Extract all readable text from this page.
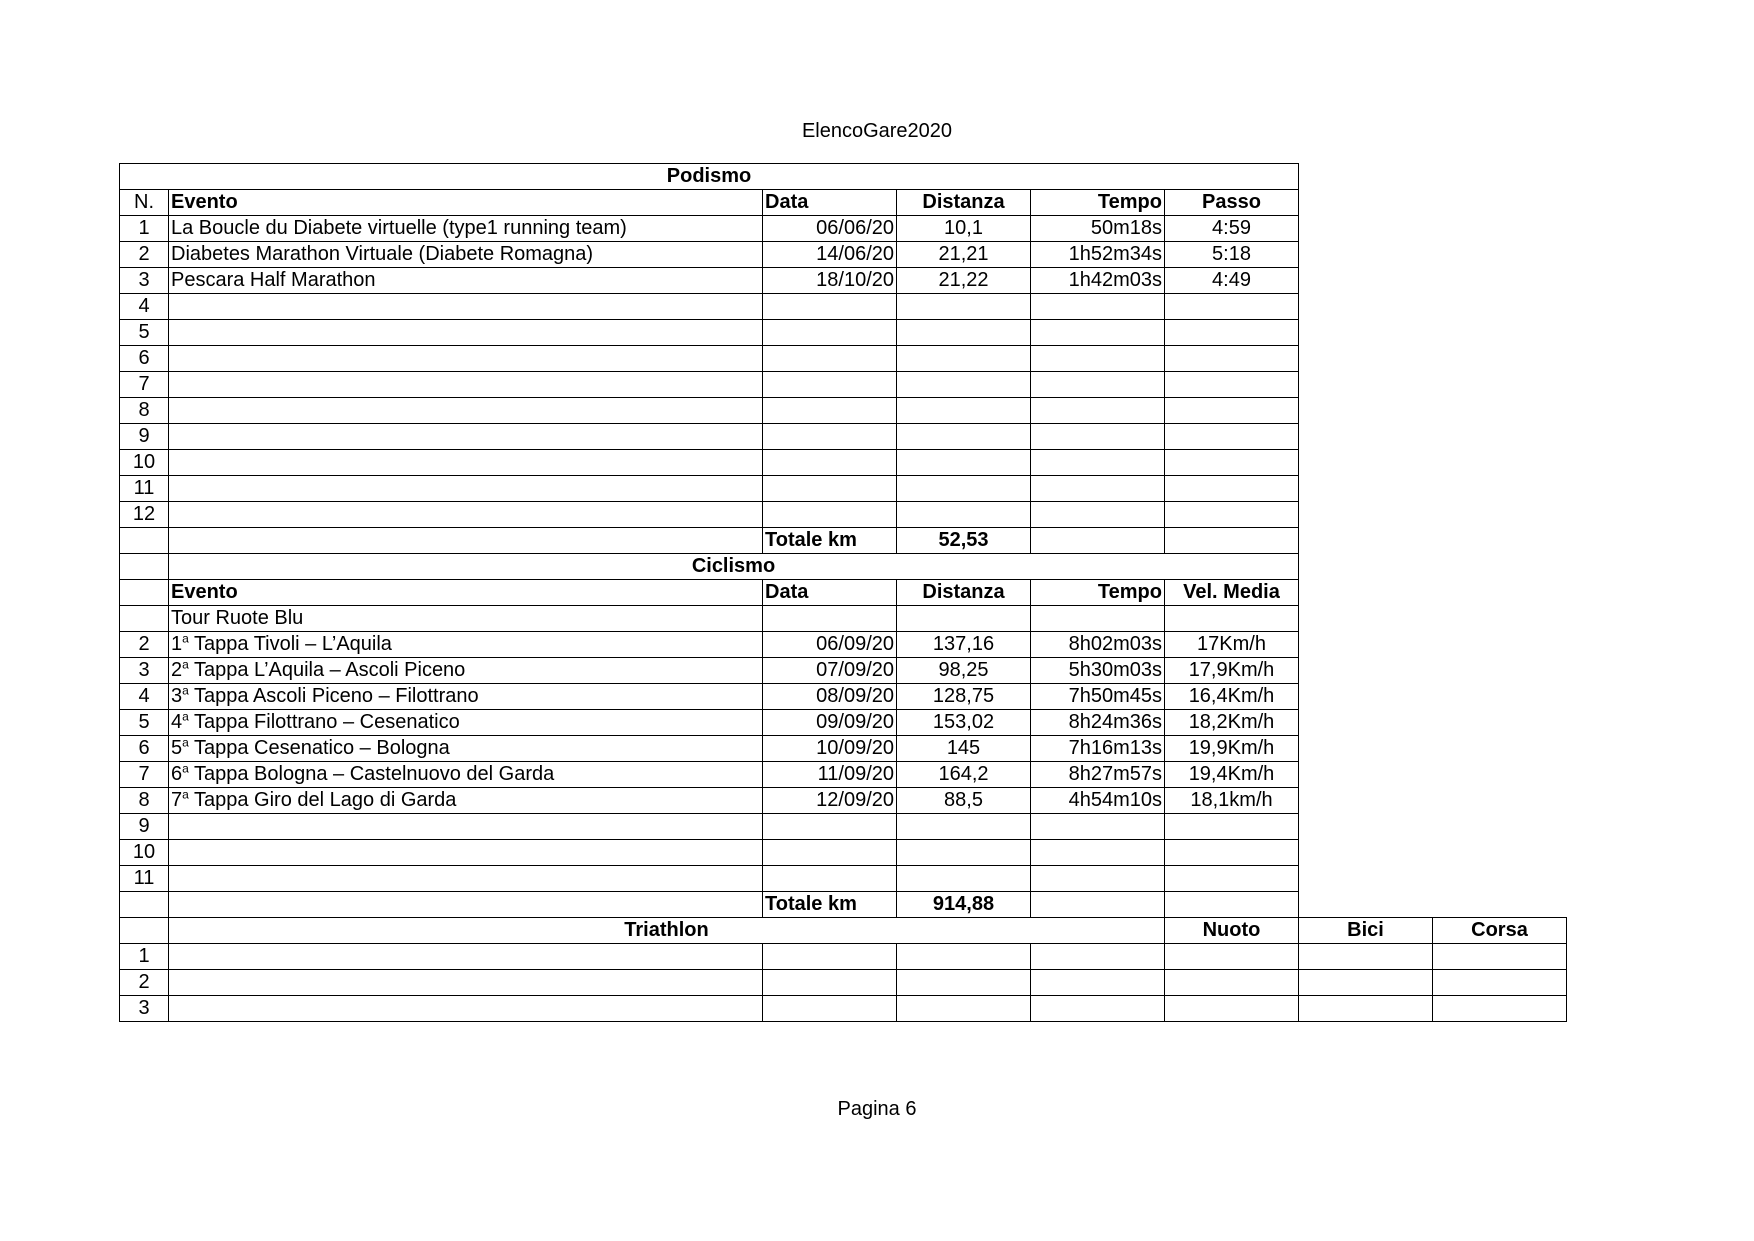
ElencoGare2020
Podismo							
N.	Evento	Data	Distanza	Tempo	Passo		
1	La Boucle du Diabete virtuelle (type1 running team)	06/06/20	10,1	50m18s	4:59		
2	Diabetes Marathon Virtuale (Diabete Romagna)	14/06/20	21,21	1h52m34s	5:18		
3	Pescara Half Marathon	18/10/20	21,22	1h42m03s	4:49		
4							
5							
6							
7							
8							
9							
10							
11							
12							
		Totale km	52,53				
	Ciclismo						
	Evento	Data	Distanza	Tempo	Vel. Media		
	Tour Ruote Blu						
2	1$^a$ Tappa Tivoli – L’Aquila	06/09/20	137,16	8h02m03s	17Km/h		
3	2$^a$ Tappa L’Aquila – Ascoli Piceno	07/09/20	98,25	5h30m03s	17,9Km/h		
4	3$^a$ Tappa Ascoli Piceno – Filottrano	08/09/20	128,75	7h50m45s	16,4Km/h		
5	4$^a$ Tappa Filottrano – Cesenatico	09/09/20	153,02	8h24m36s	18,2Km/h		
6	5$^a$ Tappa Cesenatico – Bologna	10/09/20	145	7h16m13s	19,9Km/h		
7	6$^a$ Tappa Bologna – Castelnuovo del Garda	11/09/20	164,2	8h27m57s	19,4Km/h		
8	7$^a$ Tappa Giro del Lago di Garda	12/09/20	88,5	4h54m10s	18,1km/h		
9							
10							
11							
		Totale km	914,88				
	Triathlon				Nuoto	Bici	Corsa
1							
2							
3							
Pagina 6
